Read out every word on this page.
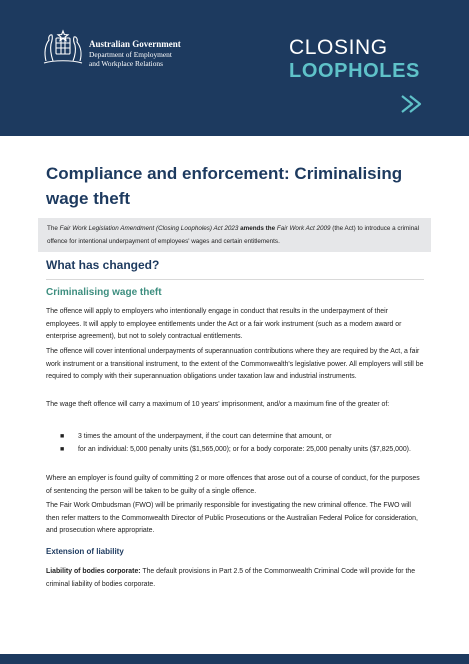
Australian Government
Department of Employment
and Workplace Relations
CLOSING
LOOPHOLES
Compliance and enforcement: Criminalising wage theft
The Fair Work Legislation Amendment (Closing Loopholes) Act 2023 amends the Fair Work Act 2009 (the Act) to introduce a criminal offence for intentional underpayment of employees' wages and certain entitlements.
What has changed?
Criminalising wage theft

The offence will apply to employers who intentionally engage in conduct that results in the underpayment of their employees. It will apply to employee entitlements under the Act or a fair work instrument (such as a modern award or enterprise agreement), but not to solely contractual entitlements.

The offence will cover intentional underpayments of superannuation contributions where they are required by the Act, a fair work instrument or a transitional instrument, to the extent of the Commonwealth's legislative power. All employers will still be required to comply with their superannuation obligations under taxation law and industrial instruments.

The wage theft offence will carry a maximum of 10 years' imprisonment, and/or a maximum fine of the greater of:

■ 3 times the amount of the underpayment, if the court can determine that amount, or

■ for an individual: 5,000 penalty units ($1,565,000); or for a body corporate: 25,000 penalty units ($7,825,000).

Where an employer is found guilty of committing 2 or more offences that arose out of a course of conduct, for the purposes of sentencing the person will be taken to be guilty of a single offence.

The Fair Work Ombudsman (FWO) will be primarily responsible for investigating the new criminal offence. The FWO will then refer matters to the Commonwealth Director of Public Prosecutions or the Australian Federal Police for consideration, and prosecution where appropriate.

Extension of liability

Liability of bodies corporate: The default provisions in Part 2.5 of the Commonwealth Criminal Code will provide for the criminal liability of bodies corporate.
